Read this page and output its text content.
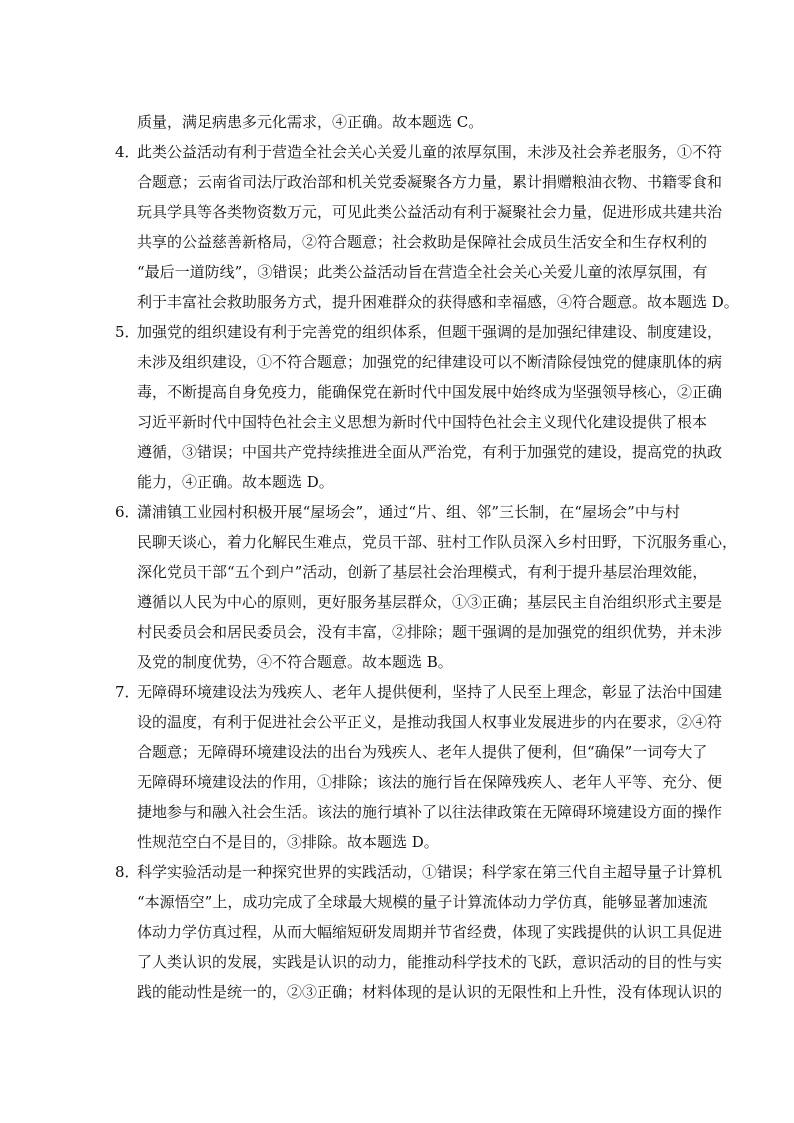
质量，满足病患多元化需求，④正确。故本题选 C。
4．
此类公益活动有利于营造全社会关心关爱儿童的浓厚氛围，未涉及社会养老服务，①不符
合题意；云南省司法厅政治部和机关党委凝聚各方力量，累计捐赠粮油衣物、书籍零食和
玩具学具等各类物资数万元，可见此类公益活动有利于凝聚社会力量，促进形成共建共治
共享的公益慈善新格局，②符合题意；社会救助是保障社会成员生活安全和生存权利的
“最后一道防线”，③错误；此类公益活动旨在营造全社会关心关爱儿童的浓厚氛围，有
利于丰富社会救助服务方式，提升困难群众的获得感和幸福感，④符合题意。故本题选 D。
5．
加强党的组织建设有利于完善党的组织体系，但题干强调的是加强纪律建设、制度建设，
未涉及组织建设，①不符合题意；加强党的纪律建设可以不断清除侵蚀党的健康肌体的病
毒，不断提高自身免疫力，能确保党在新时代中国发展中始终成为坚强领导核心，②正确
习近平新时代中国特色社会主义思想为新时代中国特色社会主义现代化建设提供了根本
遵循，③错误；中国共产党持续推进全面从严治党，有利于加强党的建设，提高党的执政
能力，④正确。故本题选 D。
6．
潇浦镇工业园村积极开展“屋场会”，通过“片、组、邻”三长制，在“屋场会”中与村
民聊天谈心，着力化解民生难点，党员干部、驻村工作队员深入乡村田野，下沉服务重心，
深化党员干部“五个到户”活动，创新了基层社会治理模式，有利于提升基层治理效能，
遵循以人民为中心的原则，更好服务基层群众，①③正确；基层民主自治组织形式主要是
村民委员会和居民委员会，没有丰富，②排除；题干强调的是加强党的组织优势，并未涉
及党的制度优势，④不符合题意。故本题选 B。
7．
无障碍环境建设法为残疾人、老年人提供便利，坚持了人民至上理念，彰显了法治中国建
设的温度，有利于促进社会公平正义，是推动我国人权事业发展进步的内在要求，②④符
合题意；无障碍环境建设法的出台为残疾人、老年人提供了便利，但“确保”一词夸大了
无障碍环境建设法的作用，①排除；该法的施行旨在保障残疾人、老年人平等、充分、便
捷地参与和融入社会生活。该法的施行填补了以往法律政策在无障碍环境建设方面的操作
性规范空白不是目的，③排除。故本题选 D。
8．
科学实验活动是一种探究世界的实践活动，①错误；科学家在第三代自主超导量子计算机
“本源悟空”上，成功完成了全球最大规模的量子计算流体动力学仿真，能够显著加速流
体动力学仿真过程，从而大幅缩短研发周期并节省经费，体现了实践提供的认识工具促进
了人类认识的发展，实践是认识的动力，能推动科学技术的飞跃，意识活动的目的性与实
践的能动性是统一的，②③正确；材料体现的是认识的无限性和上升性，没有体现认识的
